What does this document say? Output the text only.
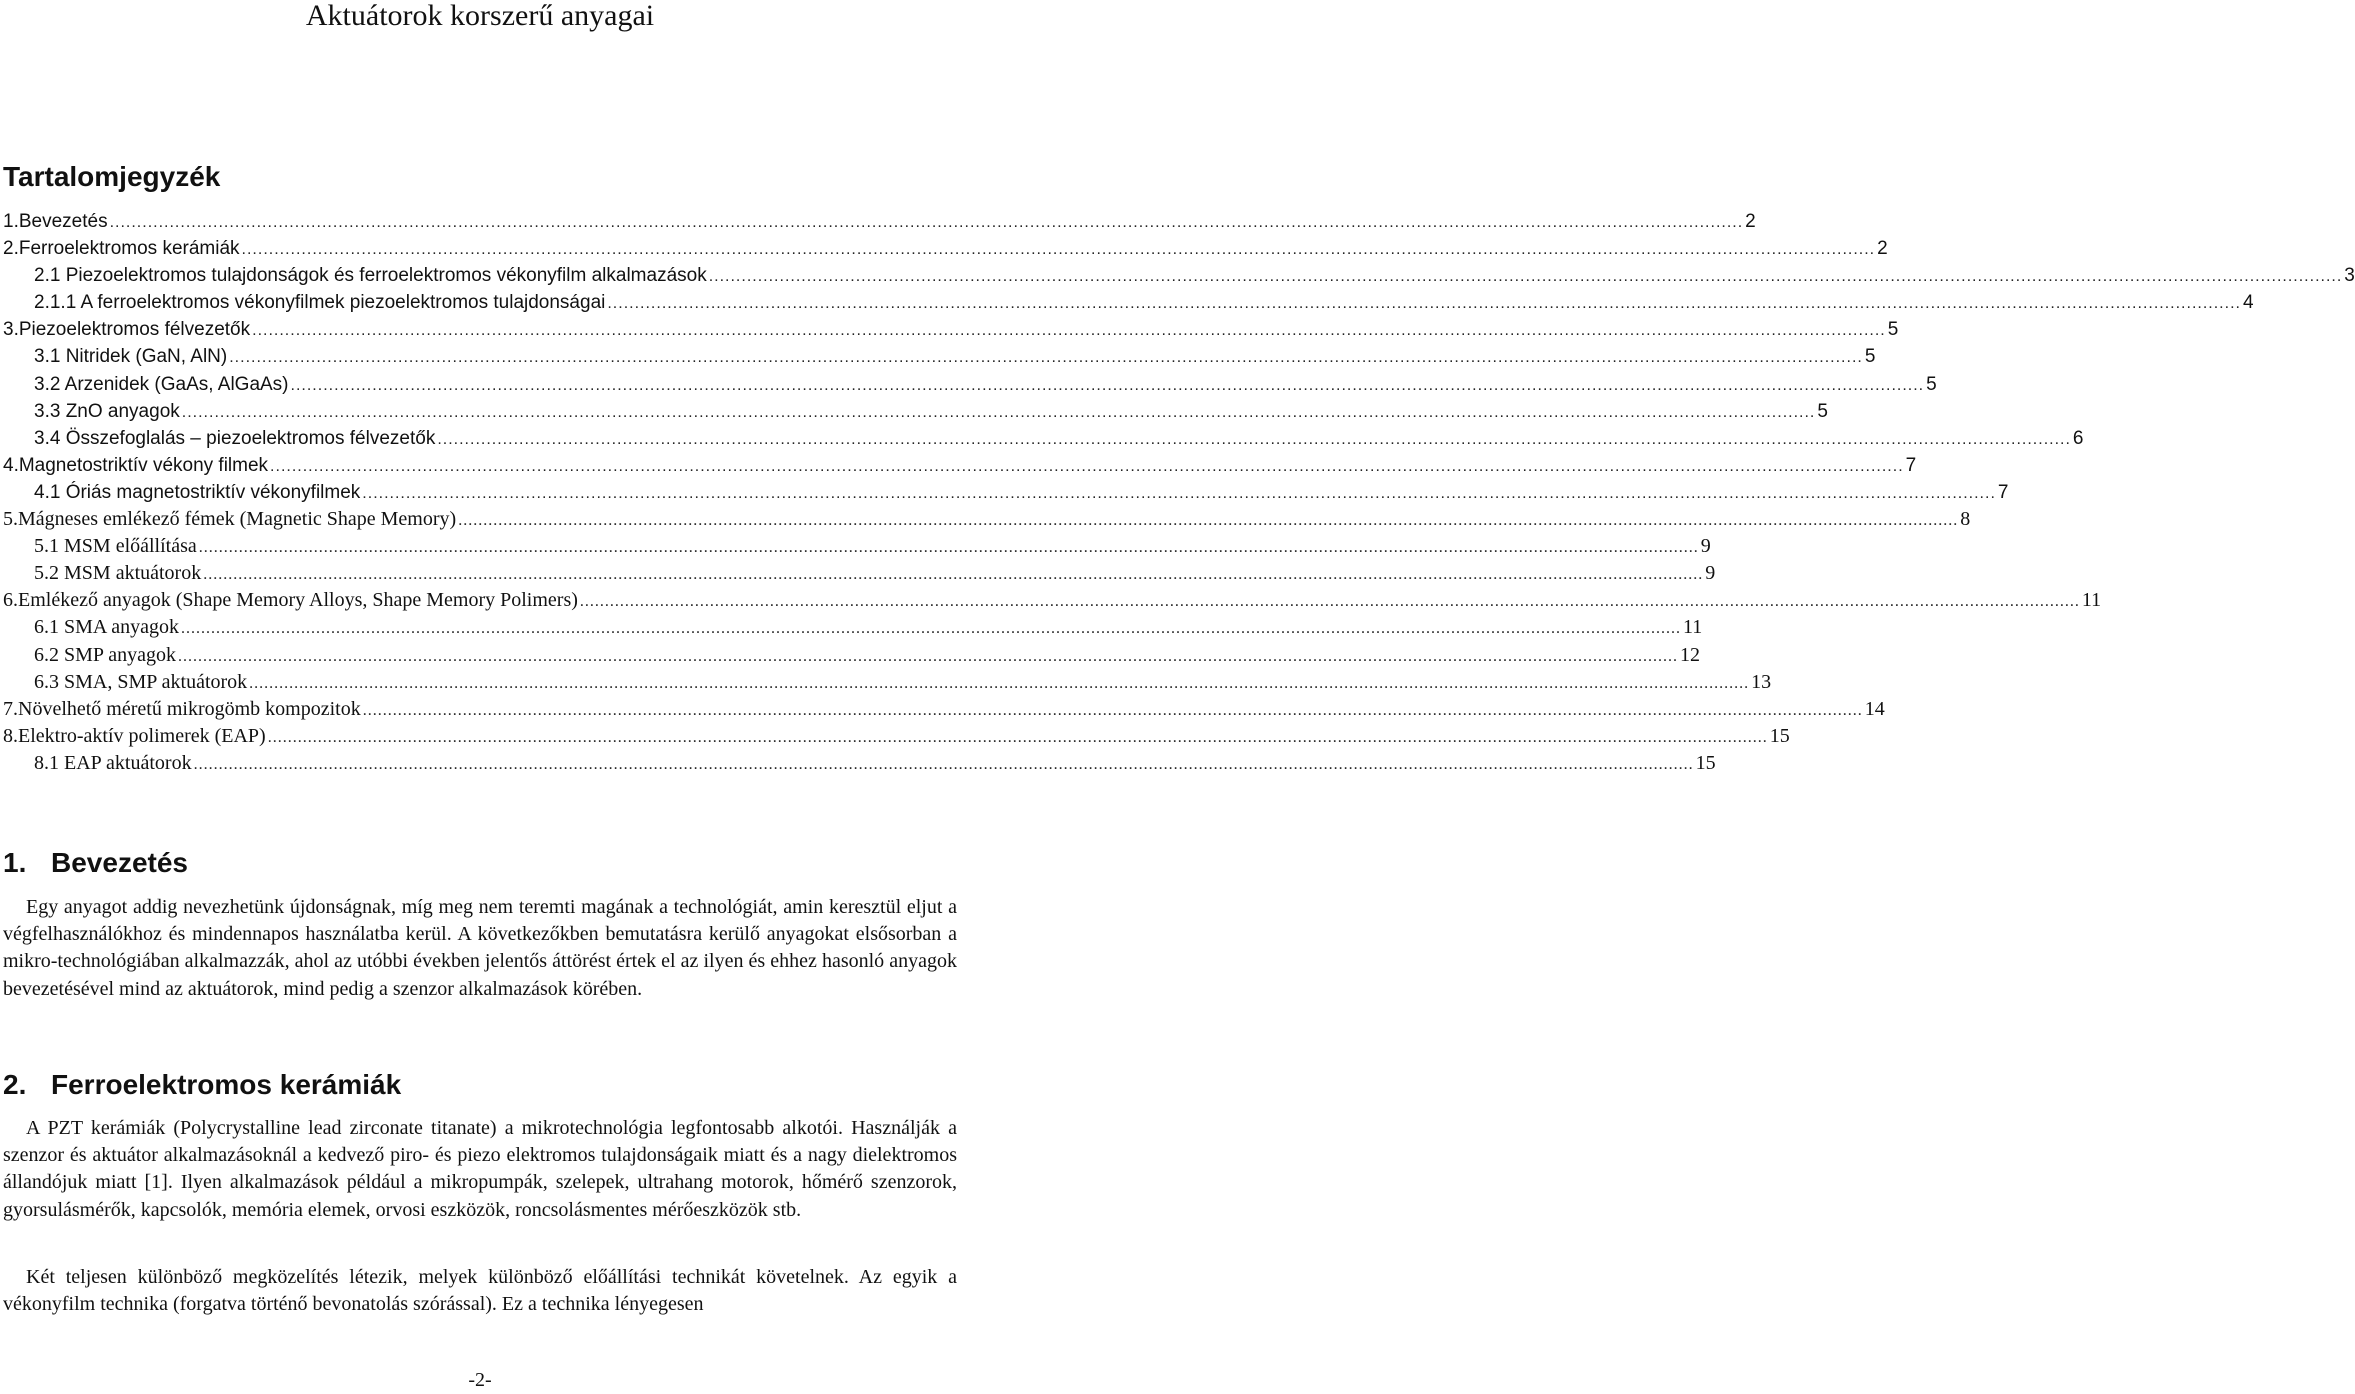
Aktuátorok korszerű anyagai
Tartalomjegyzék
1.Bevezetés ............................................................................................................................................................................................................................................................................................................ 2
2.Ferroelektromos kerámiák ............................................................................................................................................................................................................................................................................................................ 2
2.1 Piezoelektromos tulajdonságok és ferroelektromos vékonyfilm alkalmazások ............................................................................................................................................................................................................................................................................................................ 3
2.1.1 A ferroelektromos vékonyfilmek piezoelektromos tulajdonságai ............................................................................................................................................................................................................................................................................................................ 4
3.Piezoelektromos félvezetők ............................................................................................................................................................................................................................................................................................................ 5
3.1 Nitridek (GaN, AlN) ............................................................................................................................................................................................................................................................................................................ 5
3.2 Arzenidek (GaAs, AlGaAs) ............................................................................................................................................................................................................................................................................................................ 5
3.3 ZnO anyagok ............................................................................................................................................................................................................................................................................................................ 5
3.4 Összefoglalás – piezoelektromos félvezetők ............................................................................................................................................................................................................................................................................................................ 6
4.Magnetostriktív vékony filmek ............................................................................................................................................................................................................................................................................................................ 7
4.1 Óriás magnetostriktív vékonyfilmek ............................................................................................................................................................................................................................................................................................................ 7
5.Mágneses emlékező fémek (Magnetic Shape Memory) ............................................................................................................................................................................................................................................................................................................ 8
5.1 MSM előállítása ............................................................................................................................................................................................................................................................................................................ 9
5.2 MSM aktuátorok ............................................................................................................................................................................................................................................................................................................ 9
6.Emlékező anyagok (Shape Memory Alloys, Shape Memory Polimers) ............................................................................................................................................................................................................................................................................................................ 11
6.1 SMA anyagok ............................................................................................................................................................................................................................................................................................................ 11
6.2 SMP anyagok ............................................................................................................................................................................................................................................................................................................ 12
6.3 SMA, SMP aktuátorok ............................................................................................................................................................................................................................................................................................................ 13
7.Növelhető méretű mikrogömb kompozitok ............................................................................................................................................................................................................................................................................................................ 14
8.Elektro-aktív polimerek (EAP) ............................................................................................................................................................................................................................................................................................................ 15
8.1 EAP aktuátorok ............................................................................................................................................................................................................................................................................................................ 15
1. Bevezetés

Egy anyagot addig nevezhetünk újdonságnak, míg meg nem teremti magának a technológiát, amin keresztül eljut a végfelhasználókhoz és mindennapos használatba kerül. A következőkben bemutatásra kerülő anyagokat elsősorban a mikro-technológiában alkalmazzák, ahol az utóbbi években jelentős áttörést értek el az ilyen és ehhez hasonló anyagok bevezetésével mind az aktuátorok, mind pedig a szenzor alkalmazások körében.

2. Ferroelektromos kerámiák

A PZT kerámiák (Polycrystalline lead zirconate titanate) a mikrotechnológia legfontosabb alkotói. Használják a szenzor és aktuátor alkalmazásoknál a kedvező piro- és piezo elektromos tulajdonságaik miatt és a nagy dielektromos állandójuk miatt [1]. Ilyen alkalmazások például a mikropumpák, szelepek, ultrahang motorok, hőmérő szenzorok, gyorsulásmérők, kapcsolók, memória elemek, orvosi eszközök, roncsolásmentes mérőeszközök stb.

Két teljesen különböző megközelítés létezik, melyek különböző előállítási technikát követelnek. Az egyik a vékonyfilm technika (forgatva történő bevonatolás szórással). Ez a technika lényegesen

-2-
